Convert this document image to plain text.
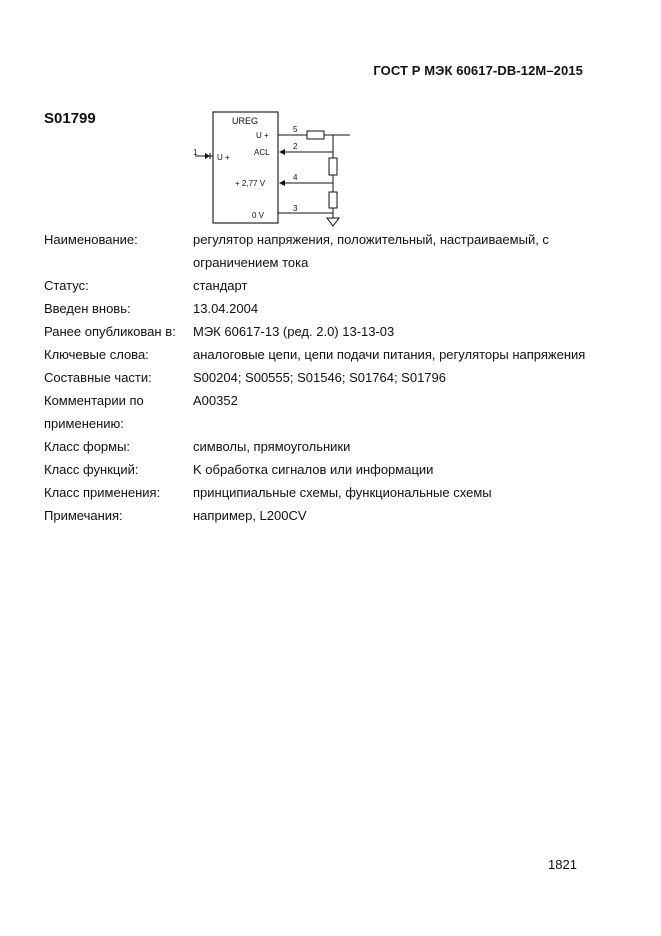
ГОСТ Р МЭК 60617-DB-12M–2015
S01799	UREG
1
U +
U +
ACL
+ 2,77 V
0 V
5
2
4
3
Наименование:	регулятор напряжения, положительный, настраиваемый, с
ограничением тока
Статус:	стандарт
Введен вновь:	13.04.2004
Ранее опубликован в:	МЭК 60617-13 (ред. 2.0) 13-13-03
Ключевые слова:	аналоговые цепи, цепи подачи питания, регуляторы напряжения
Составные части:	S00204; S00555; S01546; S01764; S01796
Комментарии по
применению:
A00352
Класс формы:	символы, прямоугольники
Класс функций:	K обработка сигналов или информации
Класс применения:	принципиальные схемы, функциональные схемы
Примечания:	например, L200CV
1821
